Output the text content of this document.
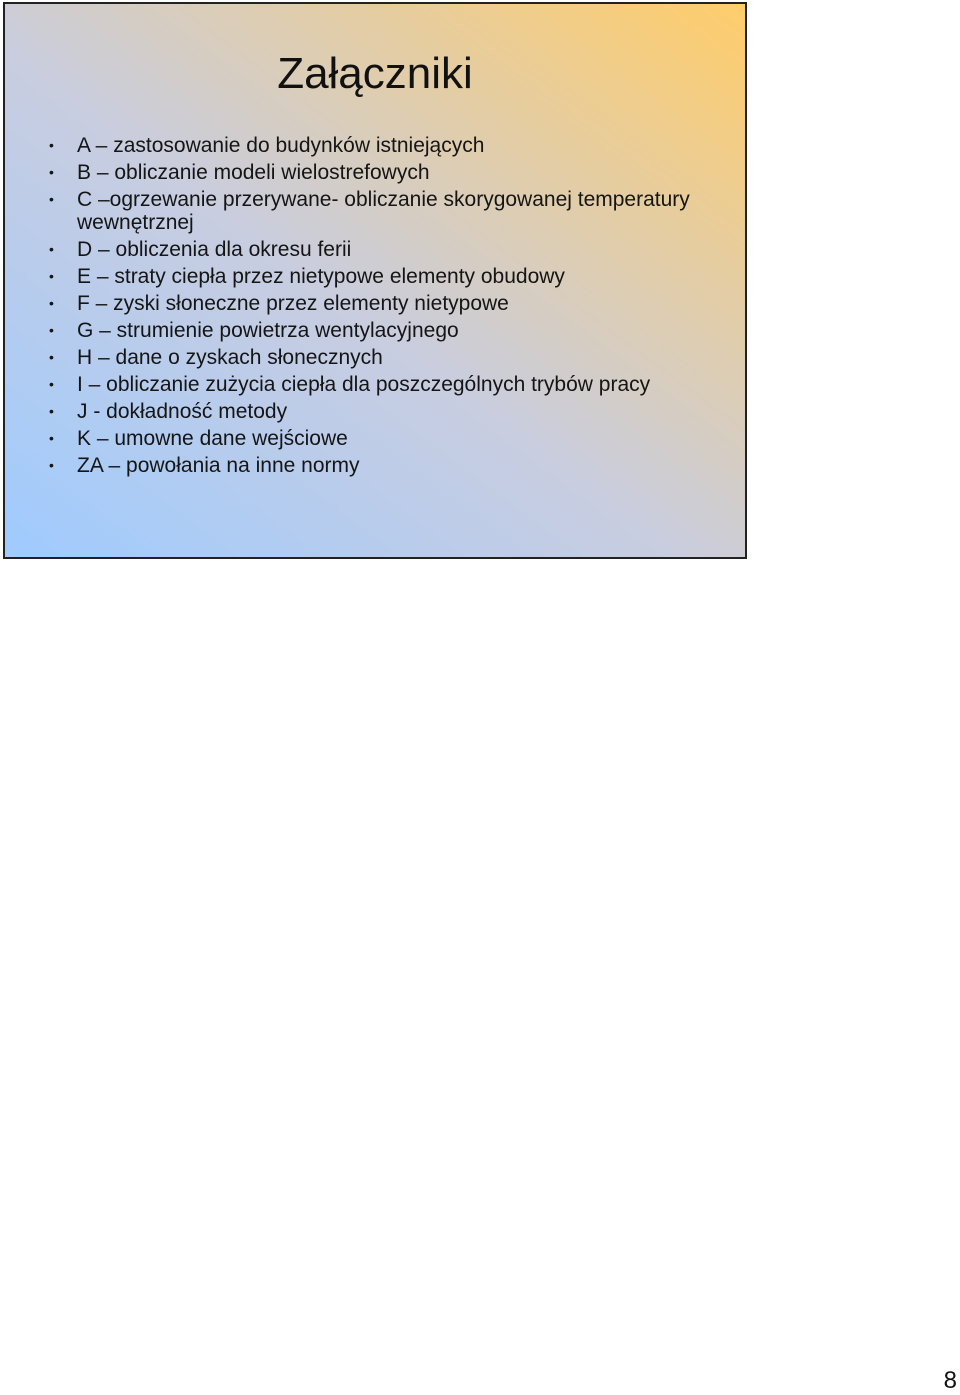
Załączniki
• A – zastosowanie do budynków istniejących
• B – obliczanie modeli wielostrefowych
• C –ogrzewanie przerywane- obliczanie skorygowanej temperatury wewnętrznej
• D – obliczenia dla okresu ferii
• E – straty ciepła przez nietypowe elementy obudowy
• F – zyski słoneczne przez elementy nietypowe
• G – strumienie powietrza wentylacyjnego
• H – dane o zyskach słonecznych
• I – obliczanie zużycia ciepła dla poszczególnych trybów pracy
• J - dokładność metody
• K – umowne dane wejściowe
• ZA – powołania na inne normy
8
